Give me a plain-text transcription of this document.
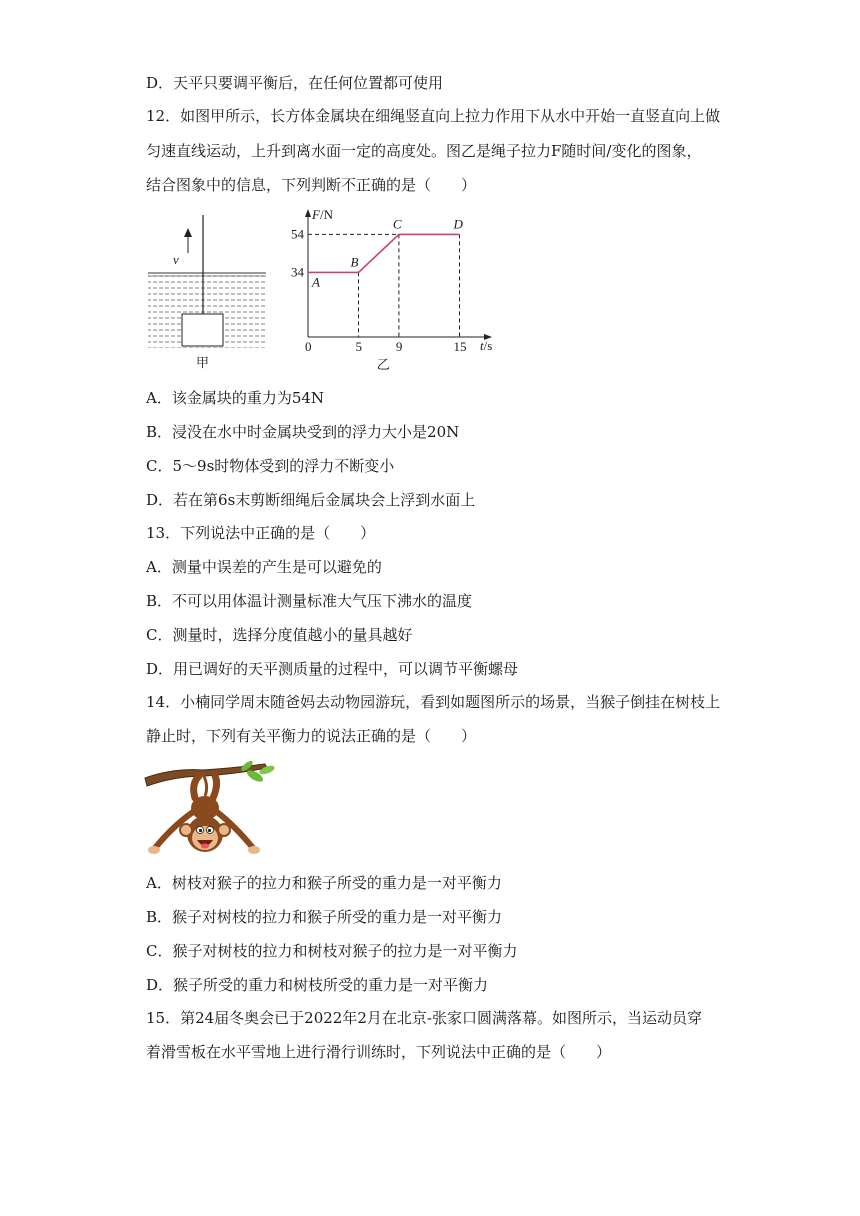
D．天平只要调平衡后，在任何位置都可使用
12．如图甲所示，长方体金属块在细绳竖直向上拉力作用下从水中开始一直竖直向上做
匀速直线运动，上升到离水面一定的高度处。图乙是绳子拉力F随时间/变化的图象，
结合图象中的信息，下列判断不正确的是（　　）
v
甲
F/N
t/s
0	5	9	15
34
54
A
B
C	D
乙
A．该金属块的重力为54N
B．浸没在水中时金属块受到的浮力大小是20N
C．5～9s时物体受到的浮力不断变小
D．若在第6s末剪断细绳后金属块会上浮到水面上
13．下列说法中正确的是（　　）
A．测量中误差的产生是可以避免的
B．不可以用体温计测量标准大气压下沸水的温度
C．测量时，选择分度值越小的量具越好
D．用已调好的天平测质量的过程中，可以调节平衡螺母
14．小楠同学周末随爸妈去动物园游玩，看到如题图所示的场景，当猴子倒挂在树枝上
静止时，下列有关平衡力的说法正确的是（　　）
A．树枝对猴子的拉力和猴子所受的重力是一对平衡力
B．猴子对树枝的拉力和猴子所受的重力是一对平衡力
C．猴子对树枝的拉力和树枝对猴子的拉力是一对平衡力
D．猴子所受的重力和树枝所受的重力是一对平衡力
15．第24届冬奥会已于2022年2月在北京-张家口圆满落幕。如图所示，当运动员穿
着滑雪板在水平雪地上进行滑行训练时，下列说法中正确的是（　　）
